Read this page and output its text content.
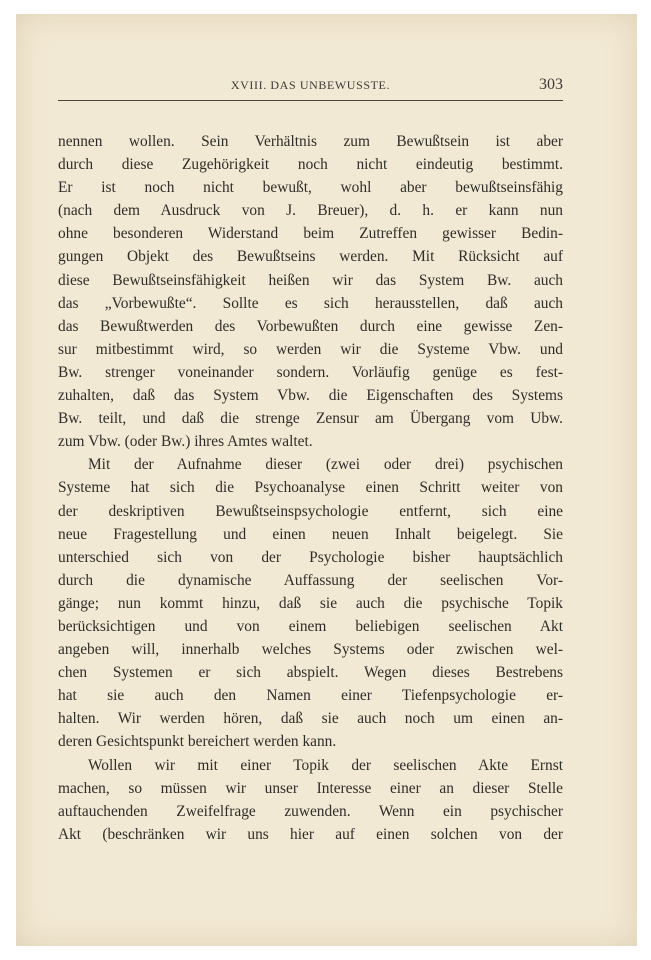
XVIII. DAS UNBEWUSSTE.	303
nennen wollen. Sein Verhältnis zum Bewußtsein ist aber
durch diese Zugehörigkeit noch nicht eindeutig bestimmt.
Er ist noch nicht bewußt, wohl aber bewußtseinsfähig
(nach dem Ausdruck von J. Breuer), d. h. er kann nun
ohne besonderen Widerstand beim Zutreffen gewisser Bedin-
gungen Objekt des Bewußtseins werden. Mit Rücksicht auf
diese Bewußtseinsfähigkeit heißen wir das System Bw. auch
das „Vorbewußte“. Sollte es sich herausstellen, daß auch
das Bewußtwerden des Vorbewußten durch eine gewisse Zen-
sur mitbestimmt wird, so werden wir die Systeme Vbw. und
Bw. strenger voneinander sondern. Vorläufig genüge es fest-
zuhalten, daß das System Vbw. die Eigenschaften des Systems
Bw. teilt, und daß die strenge Zensur am Übergang vom Ubw.
zum Vbw. (oder Bw.) ihres Amtes waltet.
Mit der Aufnahme dieser (zwei oder drei) psychischen
Systeme hat sich die Psychoanalyse einen Schritt weiter von
der deskriptiven Bewußtseinspsychologie entfernt, sich eine
neue Fragestellung und einen neuen Inhalt beigelegt. Sie
unterschied sich von der Psychologie bisher hauptsächlich
durch die dynamische Auffassung der seelischen Vor-
gänge; nun kommt hinzu, daß sie auch die psychische Topik
berücksichtigen und von einem beliebigen seelischen Akt
angeben will, innerhalb welches Systems oder zwischen wel-
chen Systemen er sich abspielt. Wegen dieses Bestrebens
hat sie auch den Namen einer Tiefenpsychologie er-
halten. Wir werden hören, daß sie auch noch um einen an-
deren Gesichtspunkt bereichert werden kann.
Wollen wir mit einer Topik der seelischen Akte Ernst
machen, so müssen wir unser Interesse einer an dieser Stelle
auftauchenden Zweifelfrage zuwenden. Wenn ein psychischer
Akt (beschränken wir uns hier auf einen solchen von der
